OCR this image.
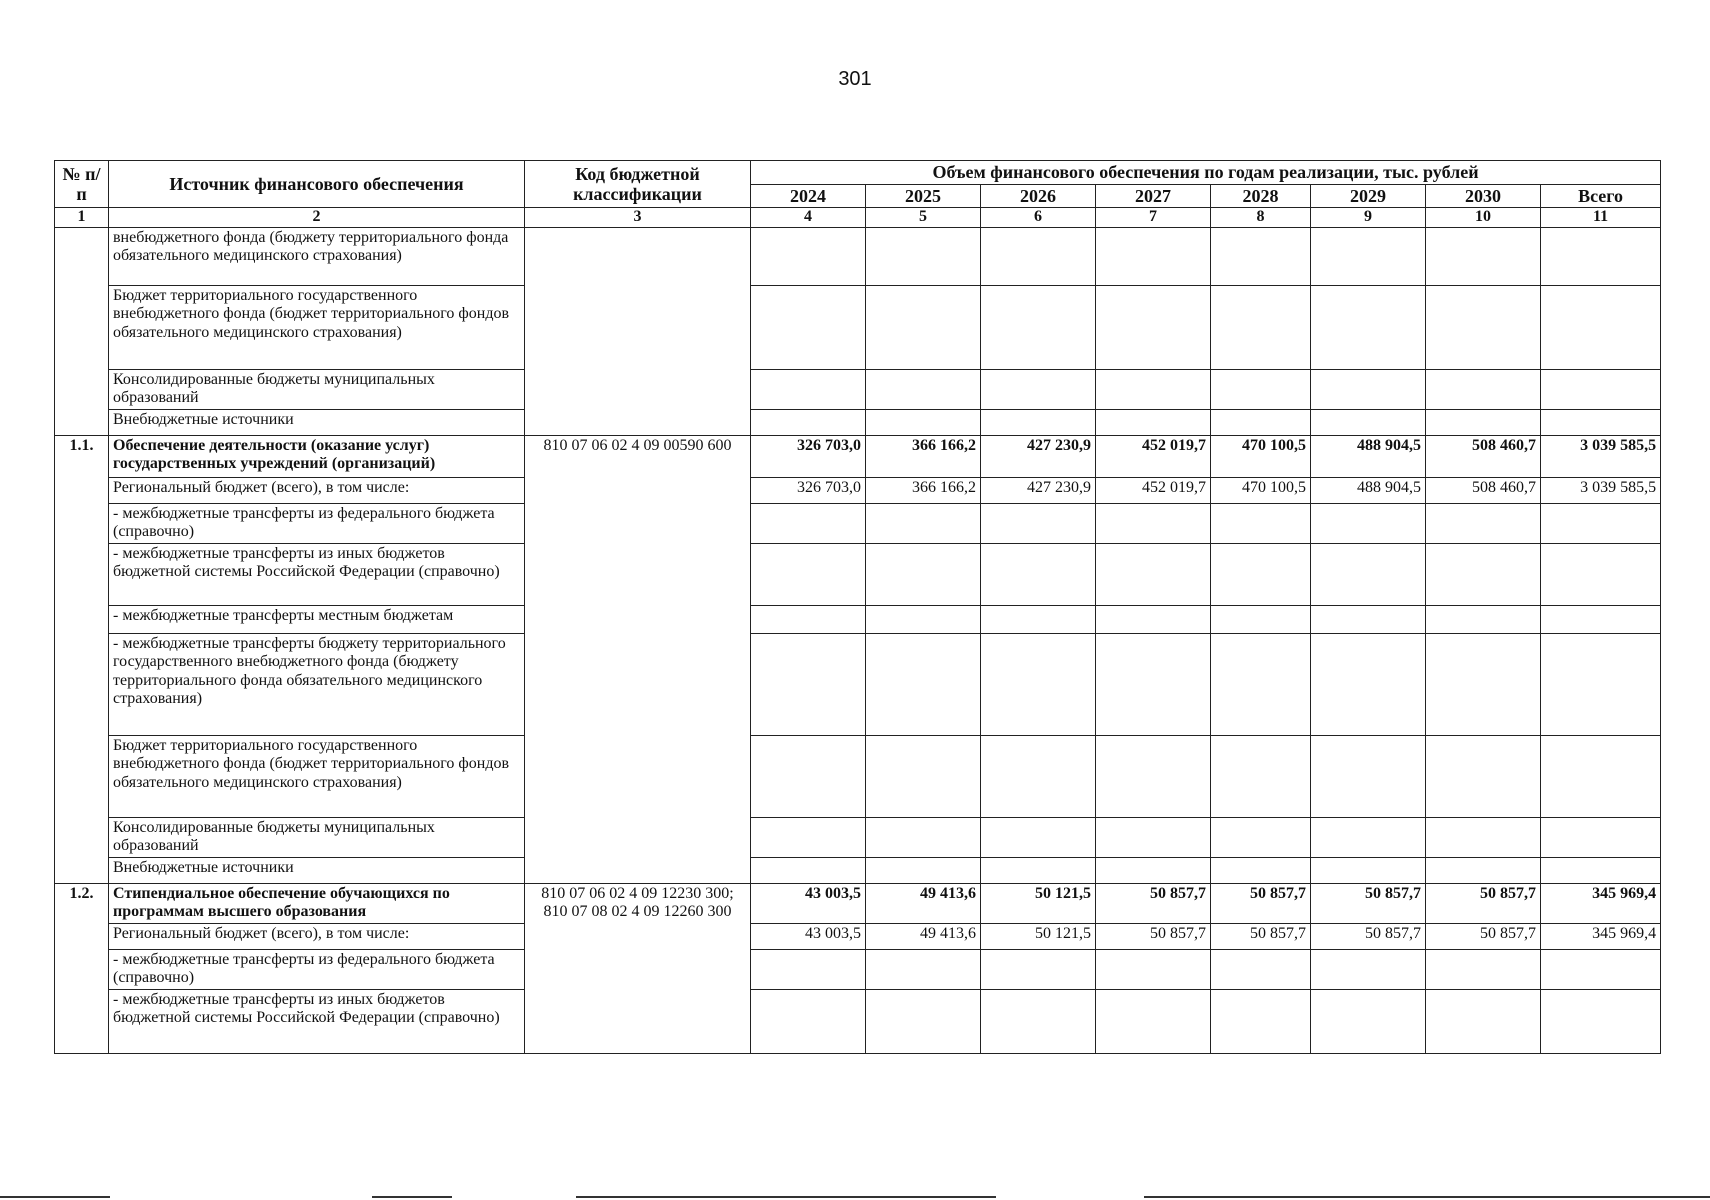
301
№ п/п	Источник финансового обеспечения	Код бюджетной классификации	Объем финансового обеспечения по годам реализации, тыс. рублей							
			2024	2025	2026	2027	2028	2029	2030	Всего
1	2	3	4	5	6	7	8	9	10	11
	внебюджетного фонда (бюджету территориального фонда обязательного медицинского страхования)									
	Бюджет территориального государственного внебюджетного фонда (бюджет территориального фондов обязательного медицинского страхования)									
	Консолидированные бюджеты муниципальных образований									
	Внебюджетные источники									
1.1.	Обеспечение деятельности (оказание услуг) государственных учреждений (организаций)	810 07 06 02 4 09 00590 600	326 703,0	366 166,2	427 230,9	452 019,7	470 100,5	488 904,5	508 460,7	3 039 585,5
	Региональный бюджет (всего), в том числе:		326 703,0	366 166,2	427 230,9	452 019,7	470 100,5	488 904,5	508 460,7	3 039 585,5
	- межбюджетные трансферты из федерального бюджета (справочно)									
	- межбюджетные трансферты из иных бюджетов бюджетной системы Российской Федерации (справочно)									
	- межбюджетные трансферты местным бюджетам									
	- межбюджетные трансферты бюджету территориального государственного внебюджетного фонда (бюджету территориального фонда обязательного медицинского страхования)									
	Бюджет территориального государственного внебюджетного фонда (бюджет территориального фондов обязательного медицинского страхования)									
	Консолидированные бюджеты муниципальных образований									
	Внебюджетные источники									
1.2.	Стипендиальное обеспечение обучающихся по программам высшего образования	810 07 06 02 4 09 12230 300; 810 07 08 02 4 09 12260 300	43 003,5	49 413,6	50 121,5	50 857,7	50 857,7	50 857,7	50 857,7	345 969,4
	Региональный бюджет (всего), в том числе:		43 003,5	49 413,6	50 121,5	50 857,7	50 857,7	50 857,7	50 857,7	345 969,4
	- межбюджетные трансферты из федерального бюджета (справочно)									
	- межбюджетные трансферты из иных бюджетов бюджетной системы Российской Федерации (справочно)									
